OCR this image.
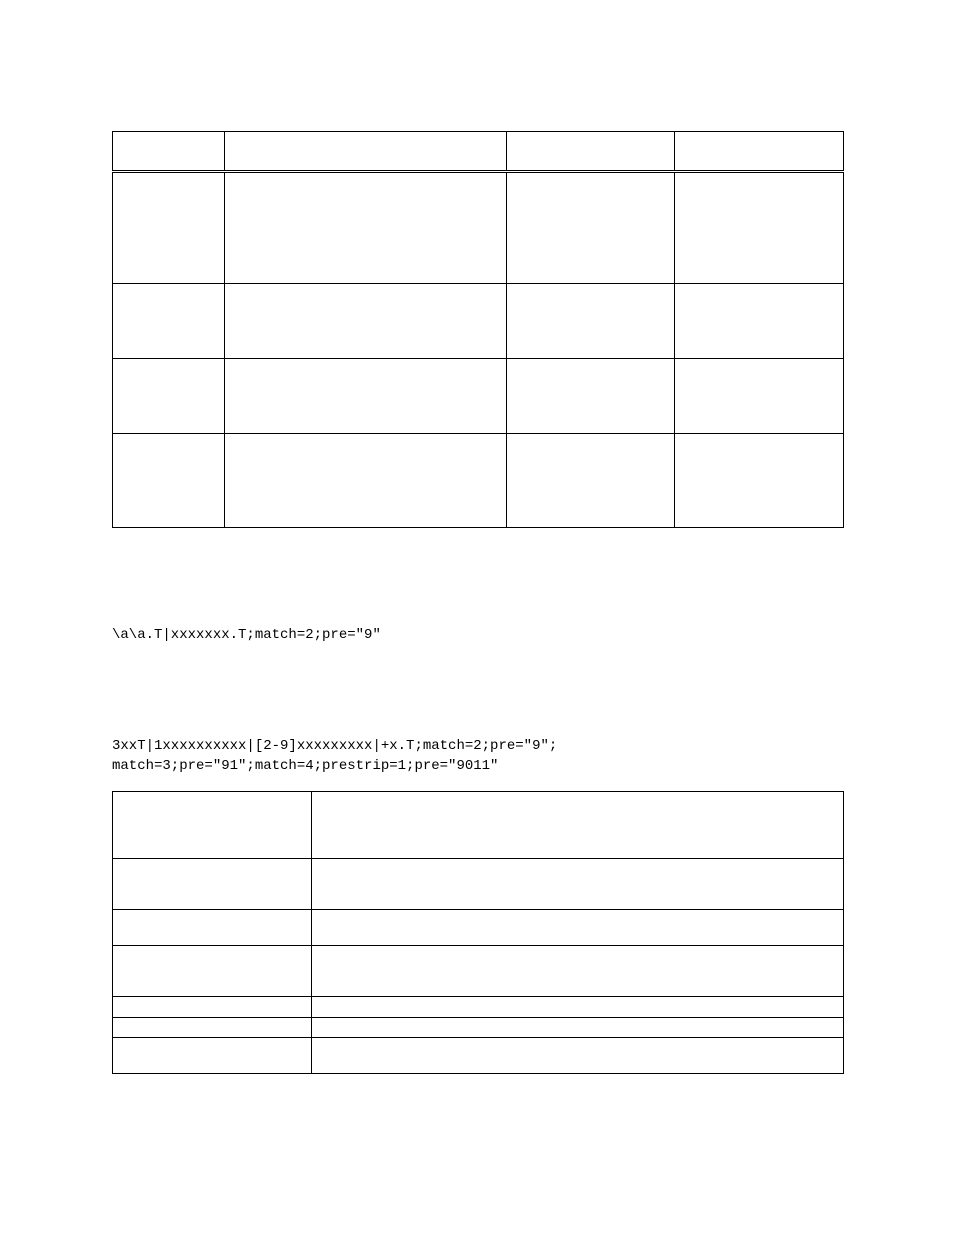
\a\a.T|xxxxxxx.T;match=2;pre="9"
3xxT|1xxxxxxxxxx|[2-9]xxxxxxxxx|+x.T;match=2;pre="9";
match=3;pre="91";match=4;prestrip=1;pre="9011"
